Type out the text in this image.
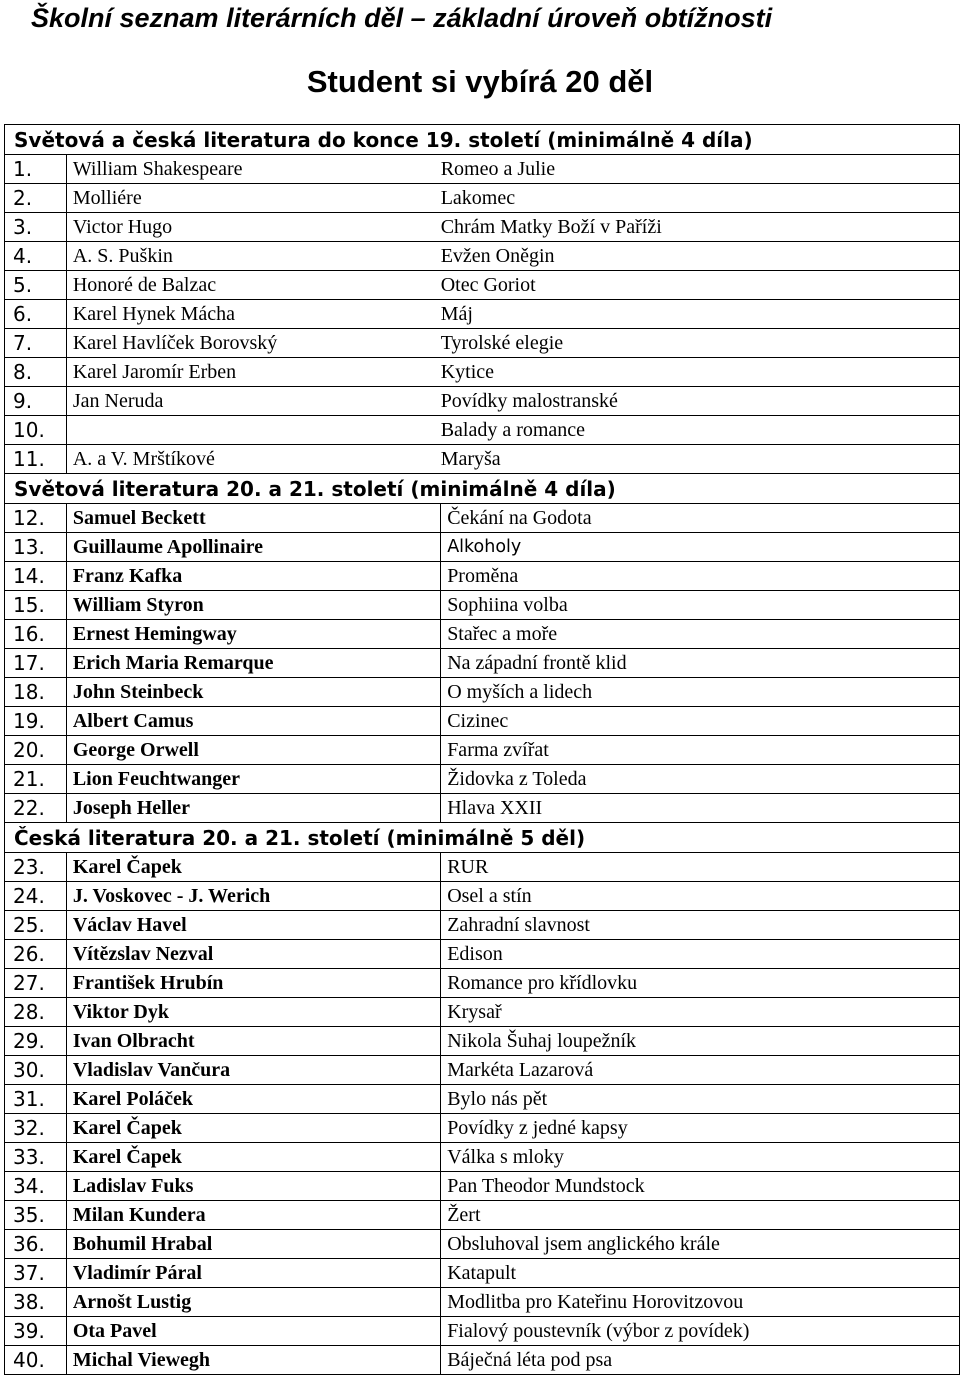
Školní seznam literárních děl – základní úroveň obtížnosti
Student si vybírá 20 děl

Světová a česká literatura do konce 19. století (minimálně 4 díla)		
1.	William Shakespeare	Romeo a Julie
2.	Molliére	Lakomec
3.	Victor Hugo	Chrám Matky Boží v Paříži
4.	A. S. Puškin	Evžen Oněgin
5.	Honoré de Balzac	Otec Goriot
6.	Karel Hynek Mácha	Máj
7.	Karel Havlíček Borovský	Tyrolské elegie
8.	Karel Jaromír Erben	Kytice
9.	Jan Neruda	Povídky malostranské
10.		Balady a romance
11.	A. a V. Mrštíkové	Maryša
Světová literatura 20. a 21. století (minimálně 4 díla)		
12.	Samuel Beckett	Čekání na Godota
13.	Guillaume Apollinaire	Alkoholy
14.	Franz Kafka	Proměna
15.	William Styron	Sophiina volba
16.	Ernest Hemingway	Stařec a moře
17.	Erich Maria Remarque	Na západní frontě klid
18.	John Steinbeck	O myších a lidech
19.	Albert Camus	Cizinec
20.	George Orwell	Farma zvířat
21.	Lion Feuchtwanger	Židovka z Toleda
22.	Joseph Heller	Hlava XXII
Česká literatura 20. a 21. století (minimálně 5 děl)		
23.	Karel Čapek	RUR
24.	J. Voskovec - J. Werich	Osel a stín
25.	Václav Havel	Zahradní slavnost
26.	Vítězslav Nezval	Edison
27.	František Hrubín	Romance pro křídlovku
28.	Viktor Dyk	Krysař
29.	Ivan Olbracht	Nikola Šuhaj loupežník
30.	Vladislav Vančura	Markéta Lazarová
31.	Karel Poláček	Bylo nás pět
32.	Karel Čapek	Povídky z jedné kapsy
33.	Karel Čapek	Válka s mloky
34.	Ladislav Fuks	Pan Theodor Mundstock
35.	Milan Kundera	Žert
36.	Bohumil Hrabal	Obsluhoval jsem anglického krále
37.	Vladimír Páral	Katapult
38.	Arnošt Lustig	Modlitba pro Kateřinu Horovitzovou
39.	Ota Pavel	Fialový poustevník (výbor z povídek)
40.	Michal Viewegh	Báječná léta pod psa
